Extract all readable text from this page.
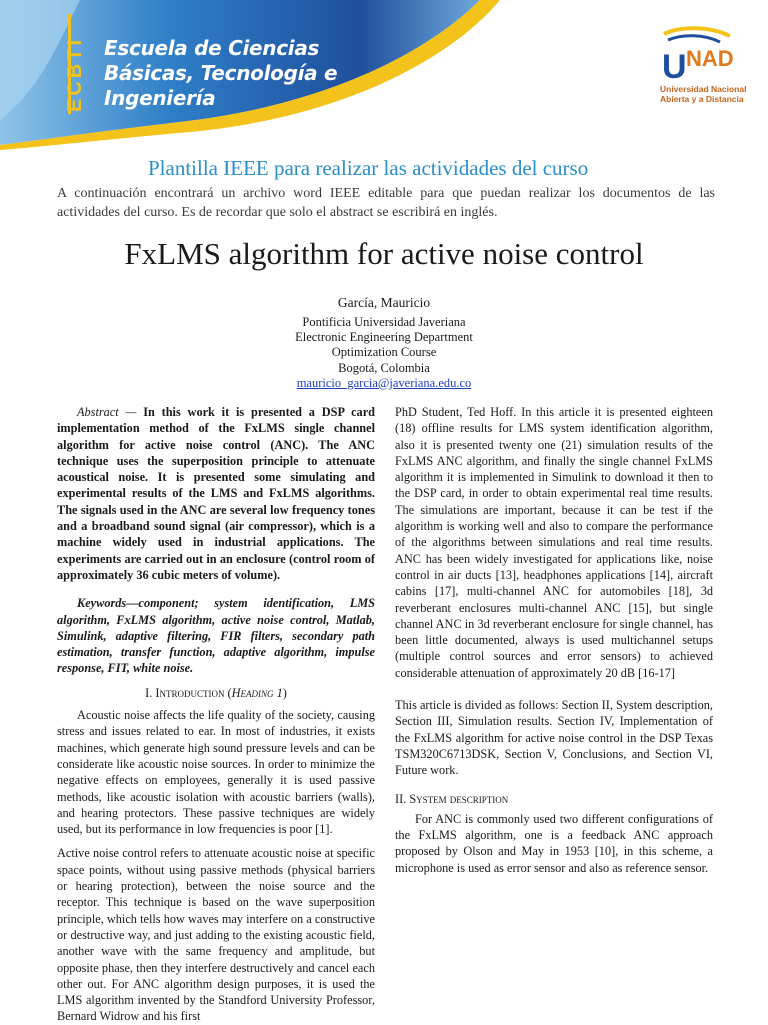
ECBTI Escuela de Ciencias
Básicas, Tecnología e
Ingeniería
U NAD
Universidad Nacional
Abierta y a Distancia
Plantilla IEEE para realizar las actividades del curso
A continuación encontrará un archivo word IEEE editable para que puedan realizar los documentos de las actividades del curso. Es de recordar que solo el abstract se escribirá en inglés.
FxLMS algorithm for active noise control
García, Mauricio
Pontificia Universidad Javeriana
Electronic Engineering Department
Optimization Course
Bogotá, Colombia
mauricio_garcia@javeriana.edu.co

Abstract — In this work it is presented a DSP card implementation method of the FxLMS single channel algorithm for active noise control (ANC). The ANC technique uses the superposition principle to attenuate acoustical noise. It is presented some simulating and experimental results of the LMS and FxLMS algorithms. The signals used in the ANC are several low frequency tones and a broadband sound signal (air compressor), which is a machine widely used in industrial applications. The experiments are carried out in an enclosure (control room of approximately 36 cubic meters of volume).

Keywords—component; system identification, LMS algorithm, FxLMS algorithm, active noise control, Matlab, Simulink, adaptive filtering, FIR filters, secondary path estimation, transfer function, adaptive algorithm, impulse response, FIT, white noise.

I. Introduction (Heading 1)

Acoustic noise affects the life quality of the society, causing stress and issues related to ear. In most of industries, it exists machines, which generate high sound pressure levels and can be considerate like acoustic noise sources. In order to minimize the negative effects on employees, generally it is used passive methods, like acoustic isolation with acoustic barriers (walls), and hearing protectors. These passive techniques are widely used, but its performance in low frequencies is poor [1].

Active noise control refers to attenuate acoustic noise at specific space points, without using passive methods (physical barriers or hearing protection), between the noise source and the receptor. This technique is based on the wave superposition principle, which tells how waves may interfere on a constructive or destructive way, and just adding to the existing acoustic field, another wave with the same frequency and amplitude, but opposite phase, then they interfere destructively and cancel each other out. For ANC algorithm design purposes, it is used the LMS algorithm invented by the Standford University Professor, Bernard Widrow and his first

PhD Student, Ted Hoff. In this article it is presented eighteen (18) offline results for LMS system identification algorithm, also it is presented twenty one (21) simulation results of the FxLMS ANC algorithm, and finally the single channel FxLMS algorithm it is implemented in Simulink to download it then to the DSP card, in order to obtain experimental real time results. The simulations are important, because it can be test if the algorithm is working well and also to compare the performance of the algorithms between simulations and real time results. ANC has been widely investigated for applications like, noise control in air ducts [13], headphones applications [14], aircraft cabins [17], multi-channel ANC for automobiles [18], 3d reverberant enclosures multi-channel ANC [15], but single channel ANC in 3d reverberant enclosure for single channel, has been little documented, always is used multichannel setups (multiple control sources and error sensors) to achieved considerable attenuation of approximately 20 dB [16-17]

This article is divided as follows: Section II, System description, Section III, Simulation results. Section IV, Implementation of the FxLMS algorithm for active noise control in the DSP Texas TSM320C6713DSK, Section V, Conclusions, and Section VI, Future work.

II. System description

For ANC is commonly used two different configurations of the FxLMS algorithm, one is a feedback ANC approach proposed by Olson and May in 1953 [10], in this scheme, a microphone is used as error sensor and also as reference sensor.
